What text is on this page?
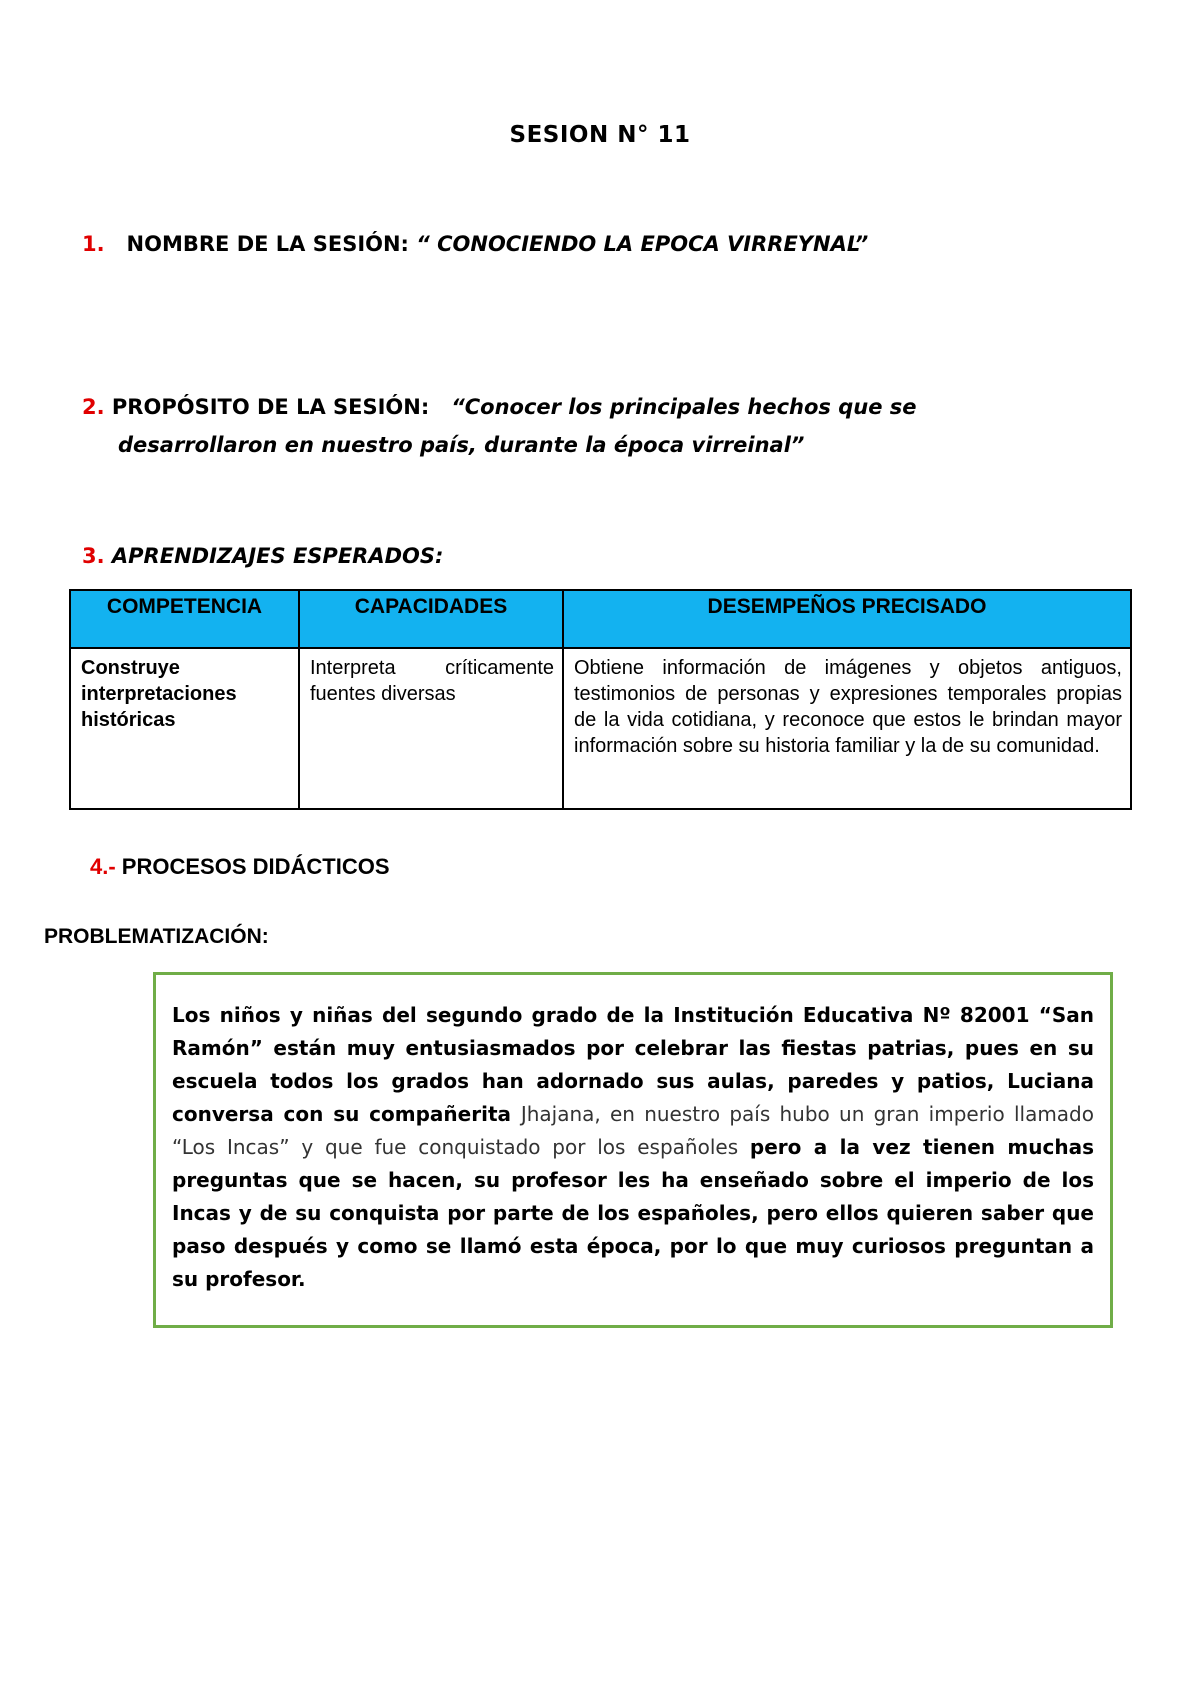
SESION N° 11
1. NOMBRE DE LA SESIÓN: “ CONOCIENDO LA EPOCA VIRREYNAL”
2. PROPÓSITO DE LA SESIÓN: “Conocer los principales hechos que se
desarrollaron en nuestro país, durante la época virreinal”
3. APRENDIZAJES ESPERADOS:
COMPETENCIA	CAPACIDADES	DESEMPEÑOS PRECISADO
Construye interpretaciones históricas	Interpreta críticamente fuentes diversas	Obtiene información de imágenes y objetos antiguos, testimonios de personas y expresiones temporales propias de la vida cotidiana, y reconoce que estos le brindan mayor información sobre su historia familiar y la de su comunidad.
4.- PROCESOS DIDÁCTICOS
PROBLEMATIZACIÓN:

Los niños y niñas del segundo grado de la Institución Educativa Nº 82001 “San Ramón” están muy entusiasmados por celebrar las fiestas patrias, pues en su escuela todos los grados han adornado sus aulas, paredes y patios, Luciana conversa con su compañerita Jhajana, en nuestro país hubo un gran imperio llamado “Los Incas” y que fue conquistado por los españoles pero a la vez tienen muchas preguntas que se hacen, su profesor les ha enseñado sobre el imperio de los Incas y de su conquista por parte de los españoles, pero ellos quieren saber que paso después y como se llamó esta época, por lo que muy curiosos preguntan a su profesor.
